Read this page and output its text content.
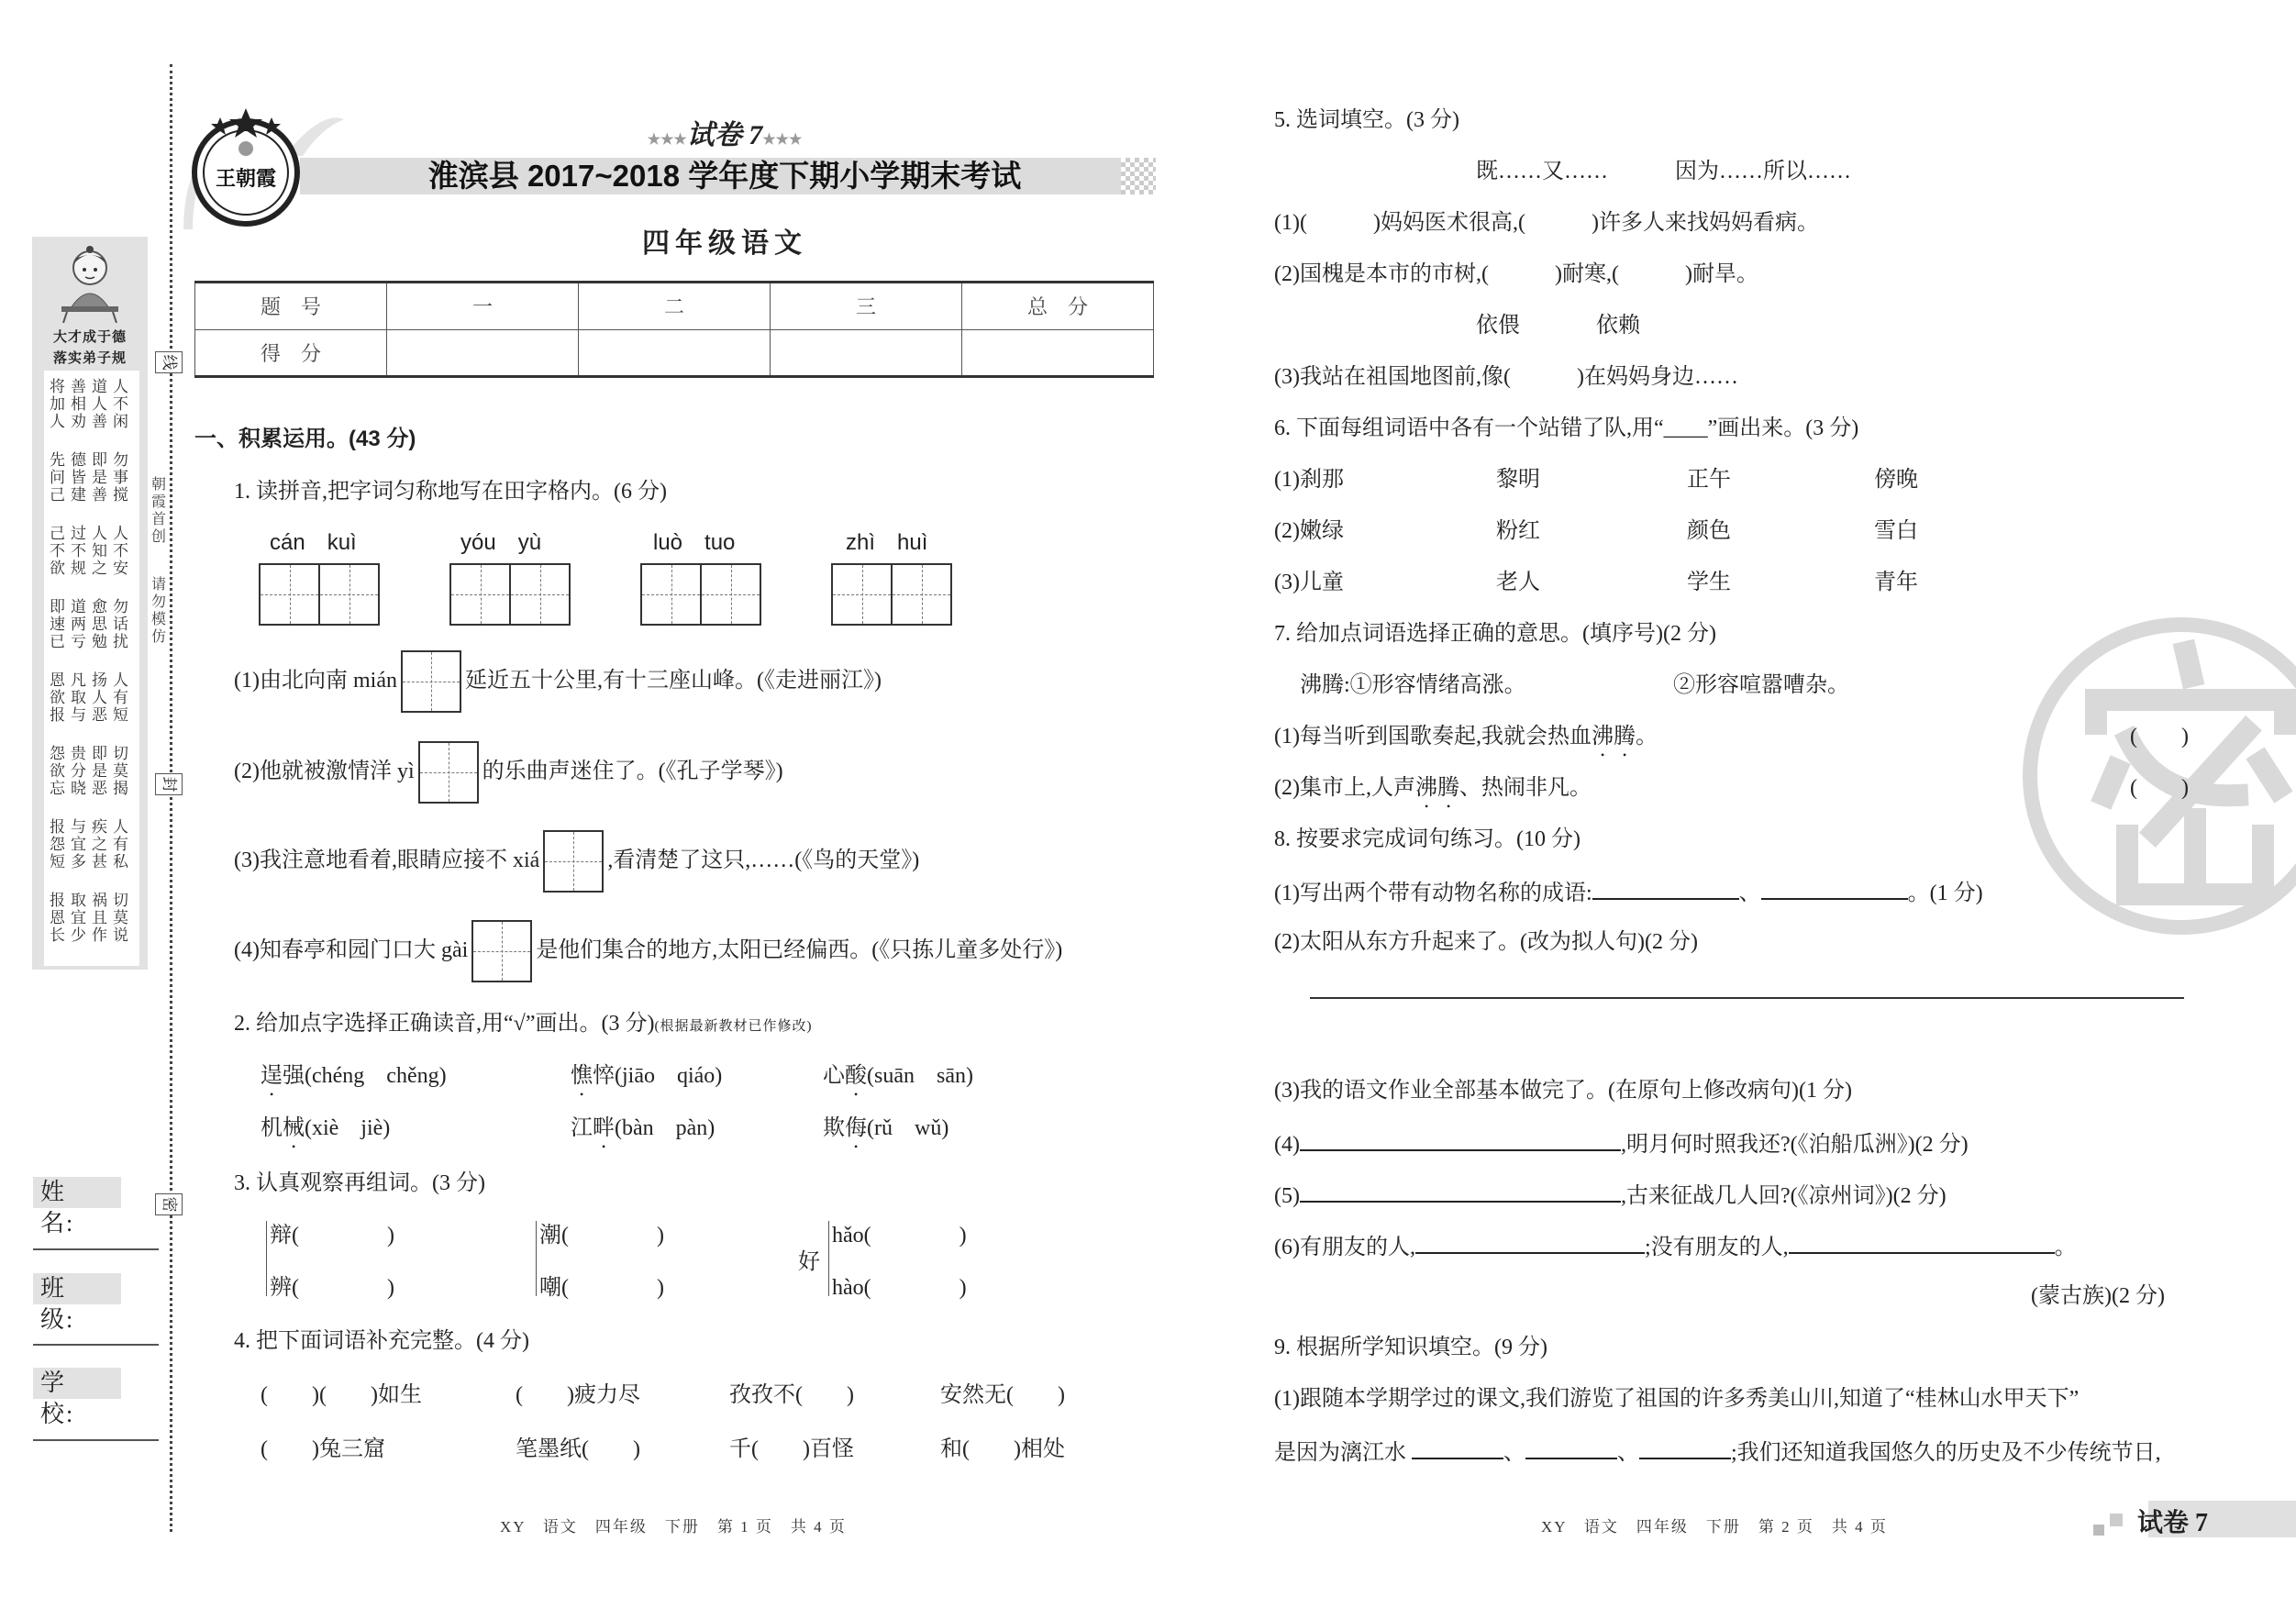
线
封
密
朝霞首创
请勿模仿
大才成于德
落实弟子规
将善道人
加相人不
人劝善闲
先德即勿
问皆是事
己建善搅
己过人人
不不知不
欲规之安
即道愈勿
速两思话
已亏勉扰
恩凡扬人
欲取人有
报与恶短
怨贵即切
欲分是莫
忘晓恶揭
报与疾人
怨宜之有
短多甚私
报取祸切
恩宜且莫
长少作说
姓　名:
班　级:
学　校:
王朝霞
★★★试卷 7★★★
淮滨县 2017~2018 学年度下期小学期末考试
四年级语文
题　号	一	二	三	总　分
得　分				
一、积累运用。(43 分)
1. 读拼音,把字词匀称地写在田字格内。(6 分)
cán　kuì	yóu　yù	luò　tuo	zhì　huì
(1)由北向南 mián	延近五十公里,有十三座山峰。(《走进丽江》)
(2)他就被激情洋 yì	的乐曲声迷住了。(《孔子学琴》)
(3)我注意地看着,眼睛应接不 xiá	,看清楚了这只,……(《鸟的天堂》)
(4)知春亭和园门口大 gài	是他们集合的地方,太阳已经偏西。(《只拣儿童多处行》)
2. 给加点字选择正确读音,用“√”画出。(3 分)(根据最新教材已作修改)
逞强(chéng　chěng)	憔悴(jiāo　qiáo)	心酸(suān　sān)
机械(xiè　jiè)	江畔(bàn　pàn)	欺侮(rǔ　wǔ)
3. 认真观察再组词。(3 分)
辩(　　　　)
辨(　　　　)
潮(　　　　)
嘲(　　　　)
好
hǎo(　　　　)
hào(　　　　)
4. 把下面词语补充完整。(4 分)
(　　)(　　)如生	(　　)疲力尽	孜孜不(　　)	安然无(　　)
(　　)兔三窟	笔墨纸(　　)	千(　　)百怪	和(　　)相处
XY　语文　四年级　下册　第 1 页　共 4 页
5. 选词填空。(3 分)
既……又……	因为……所以……
(1)(　　　)妈妈医术很高,(　　　)许多人来找妈妈看病。
(2)国槐是本市的市树,(　　　)耐寒,(　　　)耐旱。
依偎	依赖
(3)我站在祖国地图前,像(　　　)在妈妈身边……
6. 下面每组词语中各有一个站错了队,用“____”画出来。(3 分)
(1)刹那	黎明	正午	傍晚
(2)嫩绿	粉红	颜色	雪白
(3)儿童	老人	学生	青年
7. 给加点词语选择正确的意思。(填序号)(2 分)
沸腾:①形容情绪高涨。	②形容喧嚣嘈杂。
(1)每当听到国歌奏起,我就会热血沸腾。	(　　)
(2)集市上,人声沸腾、热闹非凡。	(　　)
8. 按要求完成词句练习。(10 分)
(1)写出两个带有动物名称的成语:	、	。(1 分)
(2)太阳从东方升起来了。(改为拟人句)(2 分)
(3)我的语文作业全部基本做完了。(在原句上修改病句)(1 分)
(4)	,明月何时照我还?(《泊船瓜洲》)(2 分)
(5)	,古来征战几人回?(《凉州词》)(2 分)
(6)有朋友的人,	;没有朋友的人,	。
(蒙古族)(2 分)
9. 根据所学知识填空。(9 分)
(1)跟随本学期学过的课文,我们游览了祖国的许多秀美山川,知道了“桂林山水甲天下”
是因为漓江水	、	、	;我们还知道我国悠久的历史及不少传统节日,
XY　语文　四年级　下册　第 2 页　共 4 页	试卷 7
